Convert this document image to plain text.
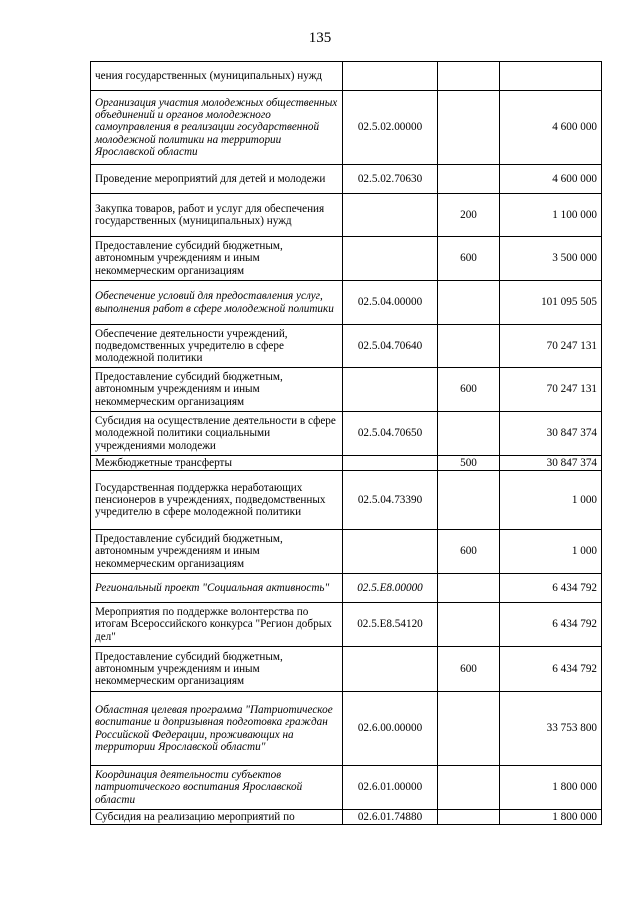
135
чения государственных (муниципальных) нужд			
Организация участия молодежных общественных объединений и органов молодежного самоуправления в реализации государственной молодежной политики на территории Ярославской области	02.5.02.00000		4 600 000
Проведение мероприятий для детей и молодежи	02.5.02.70630		4 600 000
Закупка товаров, работ и услуг для обеспечения государственных (муниципальных) нужд		200	1 100 000
Предоставление субсидий бюджетным, автономным учреждениям и иным некоммерческим организациям		600	3 500 000
Обеспечение условий для предоставления услуг, выполнения работ в сфере молодежной политики	02.5.04.00000		101 095 505
Обеспечение деятельности учреждений, подведомственных учредителю в сфере молодежной политики	02.5.04.70640		70 247 131
Предоставление субсидий бюджетным, автономным учреждениям и иным некоммерческим организациям		600	70 247 131
Субсидия на осуществление деятельности в сфере молодежной политики социальными учреждениями молодежи	02.5.04.70650		30 847 374
Межбюджетные трансферты		500	30 847 374
Государственная поддержка неработающих пенсионеров в учреждениях, подведомственных учредителю в сфере молодежной политики	02.5.04.73390		1 000
Предоставление субсидий бюджетным, автономным учреждениям и иным некоммерческим организациям		600	1 000
Региональный проект "Социальная активность"	02.5.E8.00000		6 434 792
Мероприятия по поддержке волонтерства по итогам Всероссийского конкурса "Регион добрых дел"	02.5.E8.54120		6 434 792
Предоставление субсидий бюджетным, автономным учреждениям и иным некоммерческим организациям		600	6 434 792
Областная целевая программа "Патриотическое воспитание и допризывная подготовка граждан Российской Федерации, проживающих на территории Ярославской области"	02.6.00.00000		33 753 800
Координация деятельности субъектов патриотического воспитания Ярославской области	02.6.01.00000		1 800 000
Субсидия на реализацию мероприятий по	02.6.01.74880		1 800 000
